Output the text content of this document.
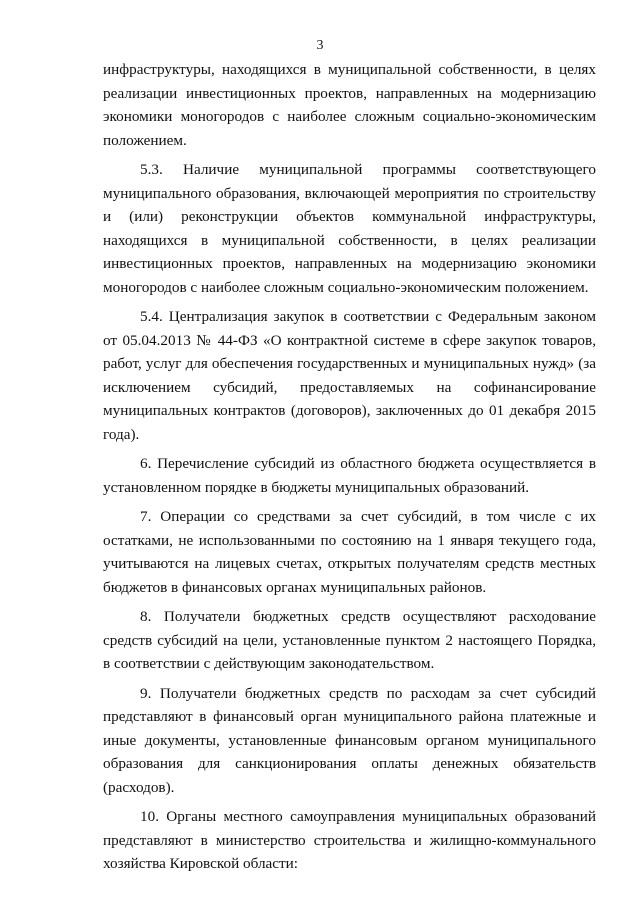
3

инфраструктуры, находящихся в муниципальной собственности, в целях реализации инвестиционных проектов, направленных на модернизацию экономики моногородов с наиболее сложным социально-экономическим положением.

5.3. Наличие муниципальной программы соответствующего муниципального образования, включающей мероприятия по строительству и (или) реконструкции объектов коммунальной инфраструктуры, находящихся в муниципальной собственности, в целях реализации инвестиционных проектов, направленных на модернизацию экономики моногородов с наиболее сложным социально-экономическим положением.

5.4. Централизация закупок в соответствии с Федеральным законом от 05.04.2013 № 44-ФЗ «О контрактной системе в сфере закупок товаров, работ, услуг для обеспечения государственных и муниципальных нужд» (за исключением субсидий, предоставляемых на софинансирование муниципальных контрактов (договоров), заключенных до 01 декабря 2015 года).

6. Перечисление субсидий из областного бюджета осуществляется в установленном порядке в бюджеты муниципальных образований.

7. Операции со средствами за счет субсидий, в том числе с их остатками, не использованными по состоянию на 1 января текущего года, учитываются на лицевых счетах, открытых получателям средств местных бюджетов в финансовых органах муниципальных районов.

8. Получатели бюджетных средств осуществляют расходование средств субсидий на цели, установленные пунктом 2 настоящего Порядка, в соответствии с действующим законодательством.

9. Получатели бюджетных средств по расходам за счет субсидий представляют в финансовый орган муниципального района платежные и иные документы, установленные финансовым органом муниципального образования для санкционирования оплаты денежных обязательств (расходов).

10. Органы местного самоуправления муниципальных образований представляют в министерство строительства и жилищно-коммунального хозяйства Кировской области:
